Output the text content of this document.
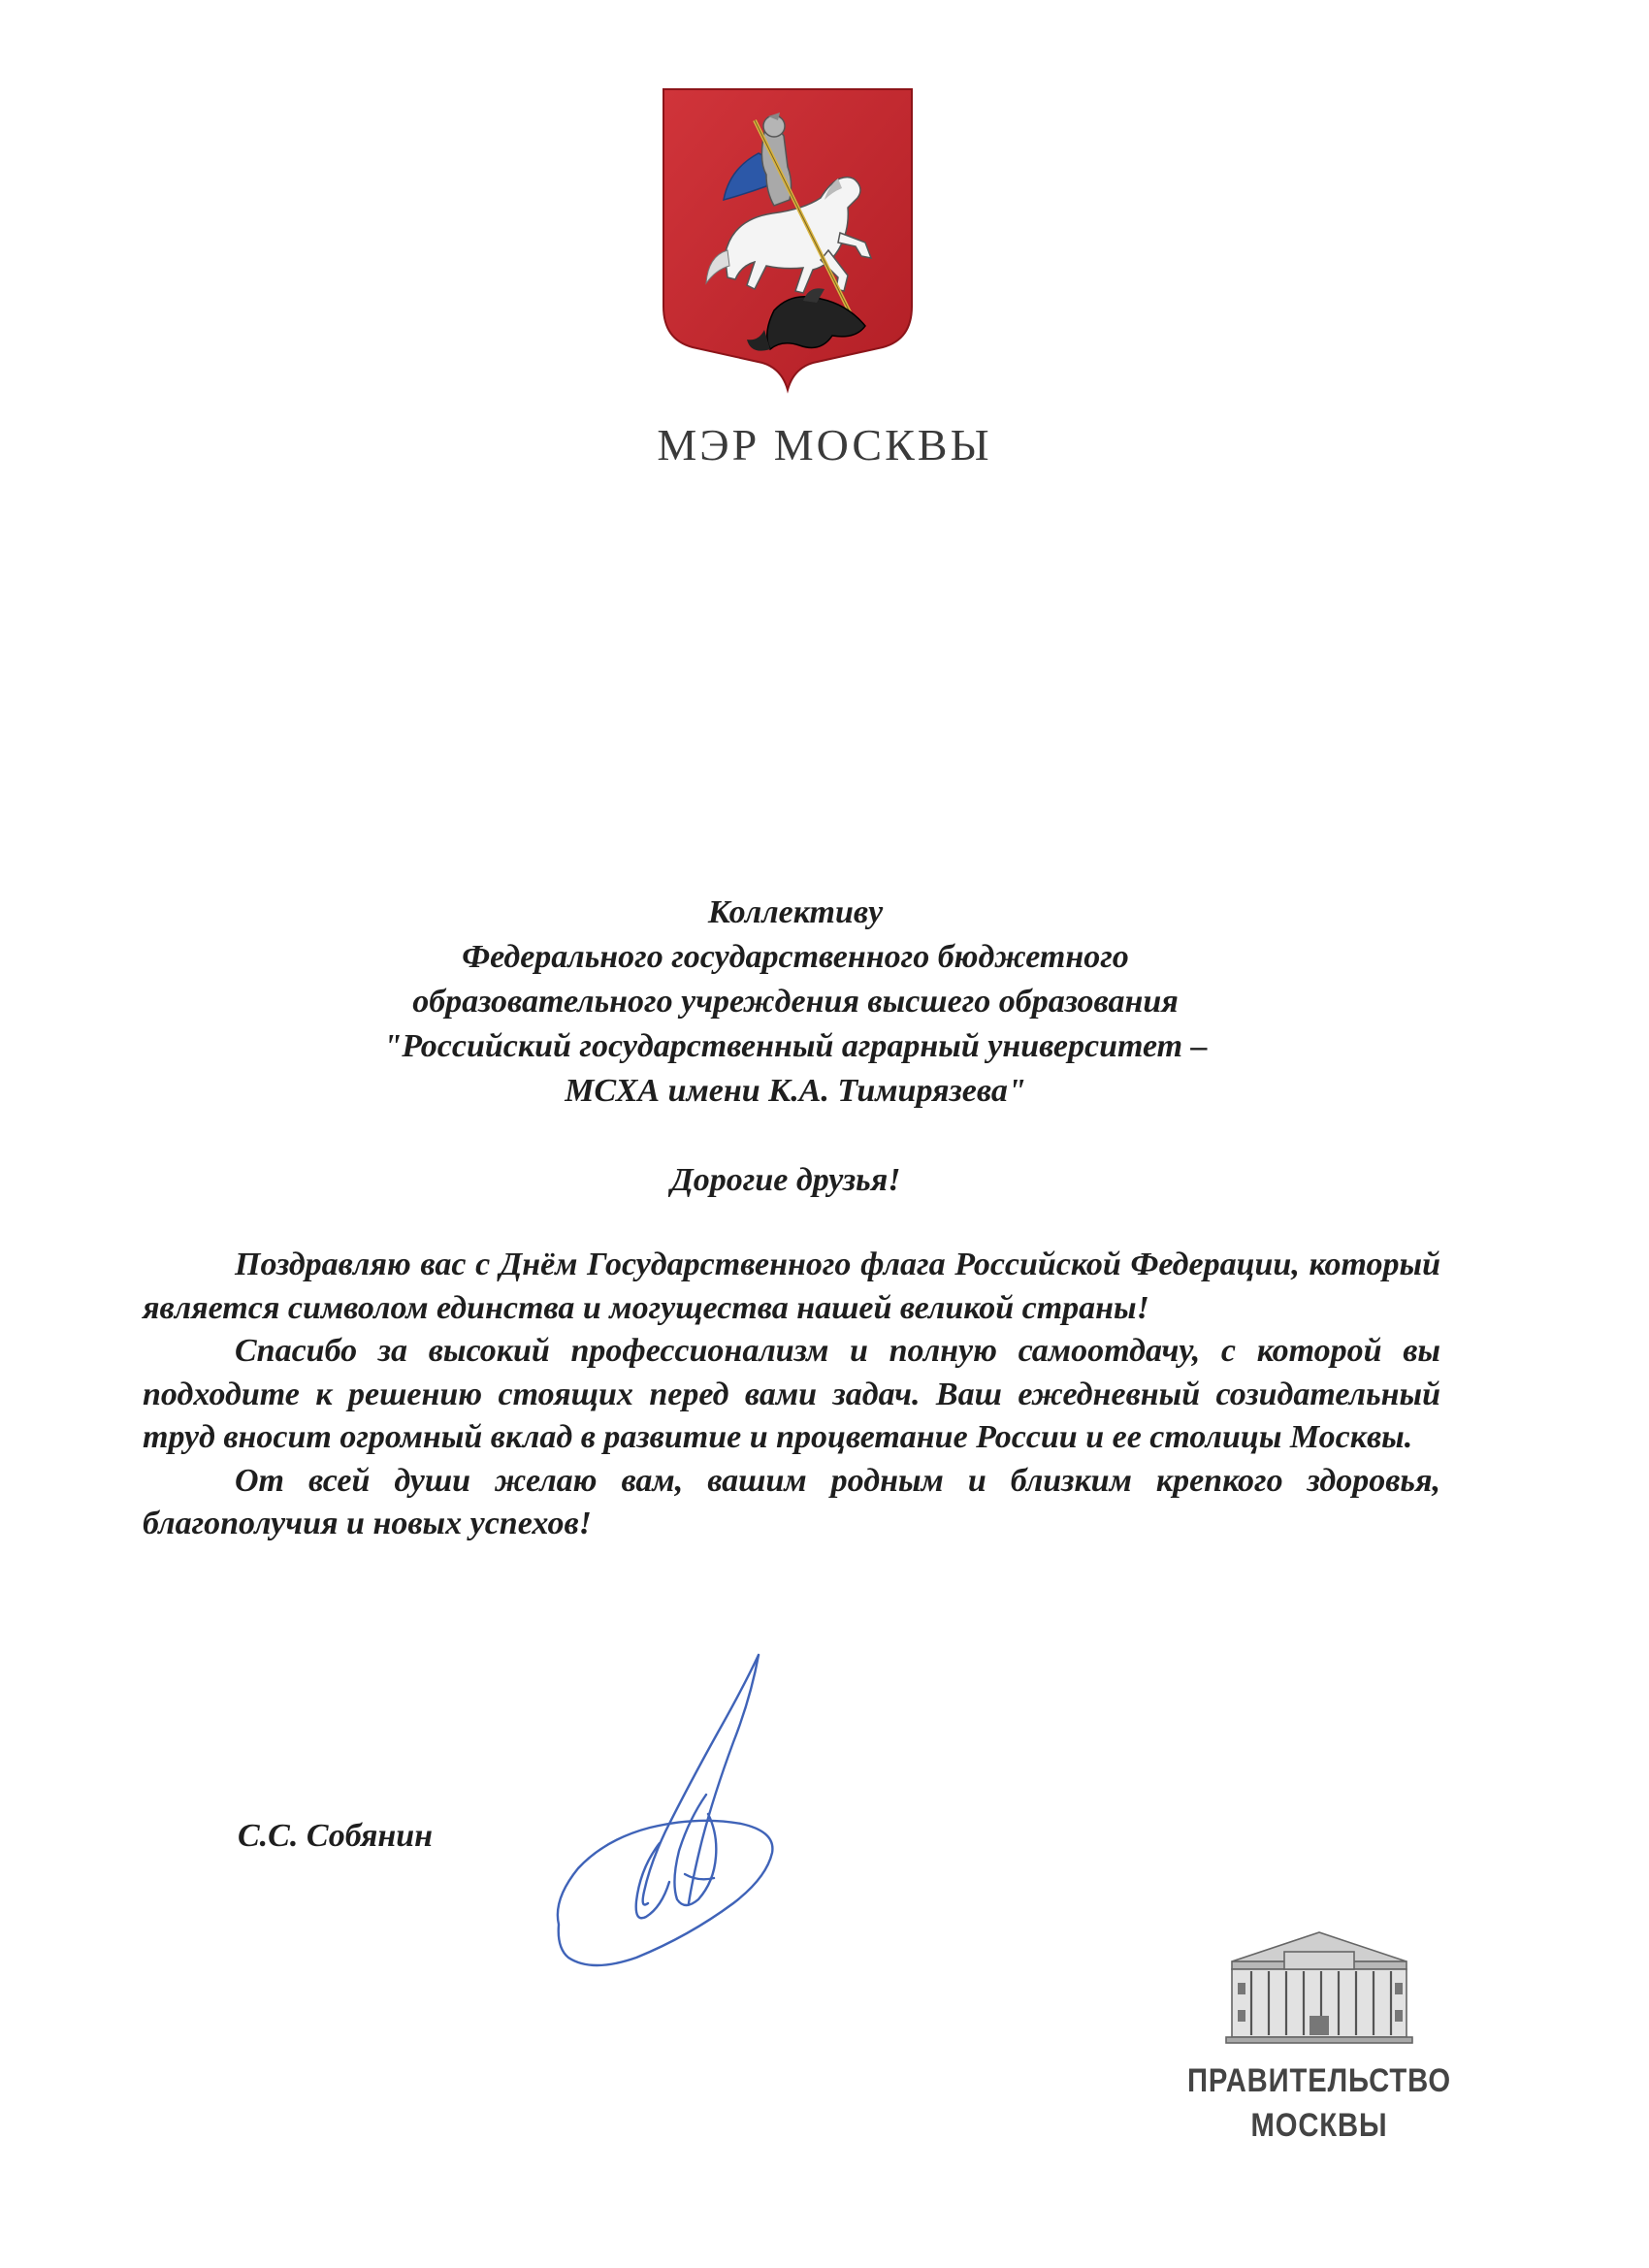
МЭР МОСКВЫ
Коллективу
Федерального государственного бюджетного
образовательного учреждения высшего образования
"Российский государственный аграрный университет –
МСХА имени К.А. Тимирязева"
Дорогие друзья!

Поздравляю вас с Днём Государственного флага Российской Федерации, который является символом единства и могущества нашей великой страны!

Спасибо за высокий профессионализм и полную самоотдачу, с которой вы подходите к решению стоящих перед вами задач. Ваш ежедневный созидательный труд вносит огромный вклад в развитие и процветание России и ее столицы Москвы.

От всей души желаю вам, вашим родным и близким крепкого здоровья, благополучия и новых успехов!

С.С. Собянин
ПРАВИТЕЛЬСТВО
МОСКВЫ
